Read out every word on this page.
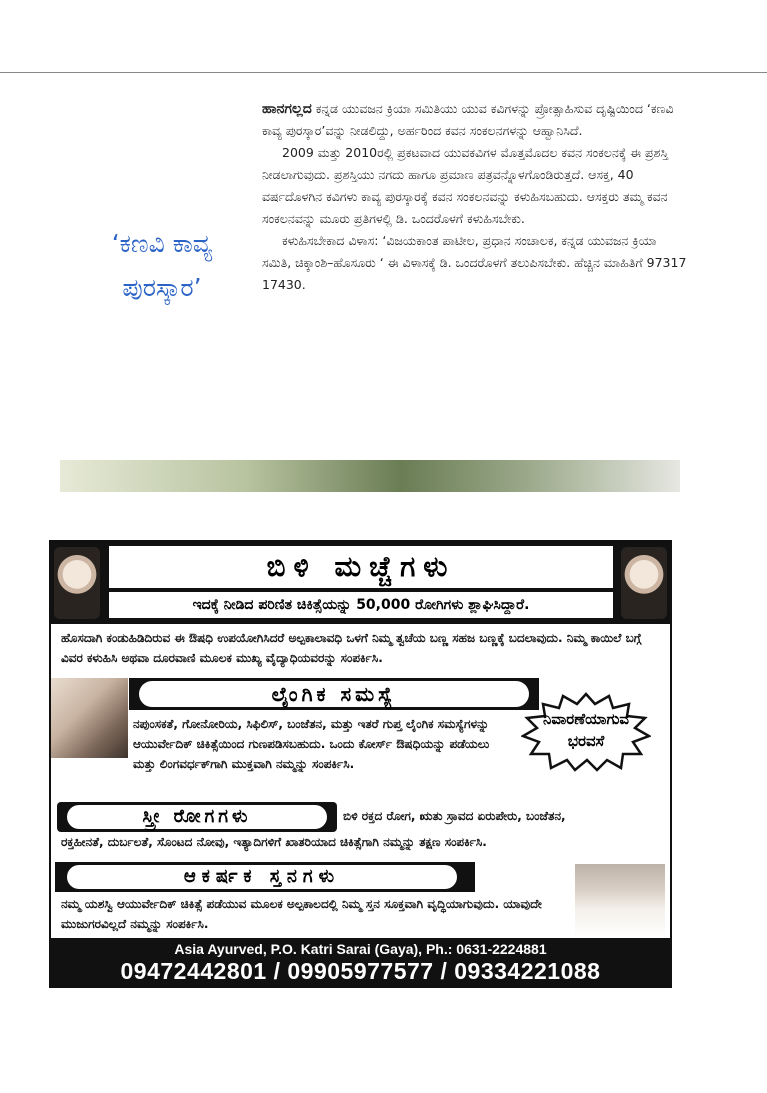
‘ಕಣವಿ ಕಾವ್ಯ
ಪುರಸ್ಕಾರ’

ಹಾನಗಲ್ಲದ ಕನ್ನಡ ಯುವಜನ ಕ್ರಿಯಾ ಸಮಿತಿಯು ಯುವ ಕವಿಗಳನ್ನು ಪ್ರೋತ್ಸಾಹಿಸುವ ದೃಷ್ಟಿಯಿಂದ ‘ಕಣವಿ ಕಾವ್ಯ ಪುರಸ್ಕಾರ’ವನ್ನು ನೀಡಲಿದ್ದು, ಅರ್ಹರಿಂದ ಕವನ ಸಂಕಲನಗಳನ್ನು ಆಹ್ವಾನಿಸಿದೆ.

2009 ಮತ್ತು 2010ರಲ್ಲಿ ಪ್ರಕಟವಾದ ಯುವಕವಿಗಳ ಮೊತ್ತಮೊದಲ ಕವನ ಸಂಕಲನಕ್ಕೆ ಈ ಪ್ರಶಸ್ತಿ ನೀಡಲಾಗುವುದು. ಪ್ರಶಸ್ತಿಯು ನಗದು ಹಾಗೂ ಪ್ರಮಾಣ ಪತ್ರವನ್ನೊಳಗೊಂಡಿರುತ್ತದೆ. ಆಸಕ್ತ, 40 ವರ್ಷದೊಳಗಿನ ಕವಿಗಳು ಕಾವ್ಯ ಪುರಸ್ಕಾರಕ್ಕೆ ಕವನ ಸಂಕಲನವನ್ನು ಕಳುಹಿಸಬಹುದು. ಆಸಕ್ತರು ತಮ್ಮ ಕವನ ಸಂಕಲನವನ್ನು ಮೂರು ಪ್ರತಿಗಳಲ್ಲಿ ಡಿ. ಒಂದರೊಳಗೆ ಕಳುಹಿಸಬೇಕು.

ಕಳುಹಿಸಬೇಕಾದ ವಿಳಾಸ: ‘ವಿಜಯಕಾಂತ ಪಾಟೀಲ, ಪ್ರಧಾನ ಸಂಚಾಲಕ, ಕನ್ನಡ ಯುವಜನ ಕ್ರಿಯಾ ಸಮಿತಿ, ಚಿಕ್ಕಾಂಶಿ–ಹೊಸೂರು ‘ ಈ ವಿಳಾಸಕ್ಕೆ ಡಿ. ಒಂದರೊಳಗೆ ತಲುಪಿಸಬೇಕು. ಹೆಚ್ಚಿನ ಮಾಹಿತಿಗೆ 97317 17430.

ಬಿಳಿ ಮಚ್ಚೆಗಳು
ಇದಕ್ಕೆ ನೀಡಿದ ಪರಿಣಿತ ಚಿಕಿತ್ಸೆಯನ್ನು 50,000 ರೋಗಿಗಳು ಶ್ಲಾಘಿಸಿದ್ದಾರೆ.
ಹೊಸದಾಗಿ ಕಂಡುಹಿಡಿದಿರುವ ಈ ಔಷಧಿ ಉಪಯೋಗಿಸಿದರೆ ಅಲ್ಪಕಾಲಾವಧಿ ಒಳಗೆ ನಿಮ್ಮ ತ್ವಚೆಯ ಬಣ್ಣ ಸಹಜ ಬಣ್ಣಕ್ಕೆ ಬದಲಾವುದು. ನಿಮ್ಮ ಕಾಯಿಲೆ ಬಗ್ಗೆ ವಿವರ ಕಳುಹಿಸಿ ಅಥವಾ ದೂರವಾಣಿ ಮೂಲಕ ಮುಖ್ಯ ವೈದ್ಯಾಧಿಯವರನ್ನು ಸಂಪರ್ಕಿಸಿ.
ಲೈಂಗಿಕ ಸಮಸ್ಯೆ
ನಪುಂಸಕತೆ, ಗೋನೋರಿಯ, ಸಿಫಿಲಿಸ್, ಬಂಜೆತನ, ಮತ್ತು ಇತರೆ ಗುಪ್ತ ಲೈಂಗಿಕ ಸಮಸ್ಯೆಗಳನ್ನು ಆಯುರ್ವೇದಿಕ್ ಚಿಕಿತ್ಸೆಯಿಂದ ಗುಣಪಡಿಸಬಹುದು. ಒಂದು ಕೋರ್ಸ್ ಔಷಧಿಯನ್ನು ಪಡೆಯಲು ಮತ್ತು ಲಿಂಗವರ್ಧಕ್‌ಗಾಗಿ ಮುಕ್ತವಾಗಿ ನಮ್ಮನ್ನು ಸಂಪರ್ಕಿಸಿ.
ನಿವಾರಣೆಯಾಗುವ
ಭರವಸೆ
ಸ್ತ್ರೀ ರೋಗಗಳು	ಬಿಳಿ ರಕ್ತದ ರೋಗ, ಋತು ಸ್ರಾವದ ಏರುಪೇರು, ಬಂಜೆತನ,
ರಕ್ತಹೀನತೆ, ದುರ್ಬಲತೆ, ಸೊಂಟದ ನೋವು, ಇತ್ಯಾದಿಗಳಿಗೆ ಖಾತರಿಯಾದ ಚಿಕಿತ್ಸೆಗಾಗಿ ನಮ್ಮನ್ನು ತಕ್ಷಣ ಸಂಪರ್ಕಿಸಿ.
ಆಕರ್ಷಕ ಸ್ತನಗಳು
ನಮ್ಮ ಯಶಸ್ವಿ ಆಯುರ್ವೇದಿಕ್ ಚಿಕಿತ್ಸೆ ಪಡೆಯುವ ಮೂಲಕ ಅಲ್ಪಕಾಲದಲ್ಲಿ ನಿಮ್ಮ ಸ್ತನ ಸೂಕ್ತವಾಗಿ ವೃದ್ಧಿಯಾಗುವುದು. ಯಾವುದೇ ಮುಜುಗರವಿಲ್ಲದೆ ನಮ್ಮನ್ನು ಸಂಪರ್ಕಿಸಿ.
Asia Ayurved, P.O. Katri Sarai (Gaya), Ph.: 0631-2224881
09472442801 / 09905977577 / 09334221088
